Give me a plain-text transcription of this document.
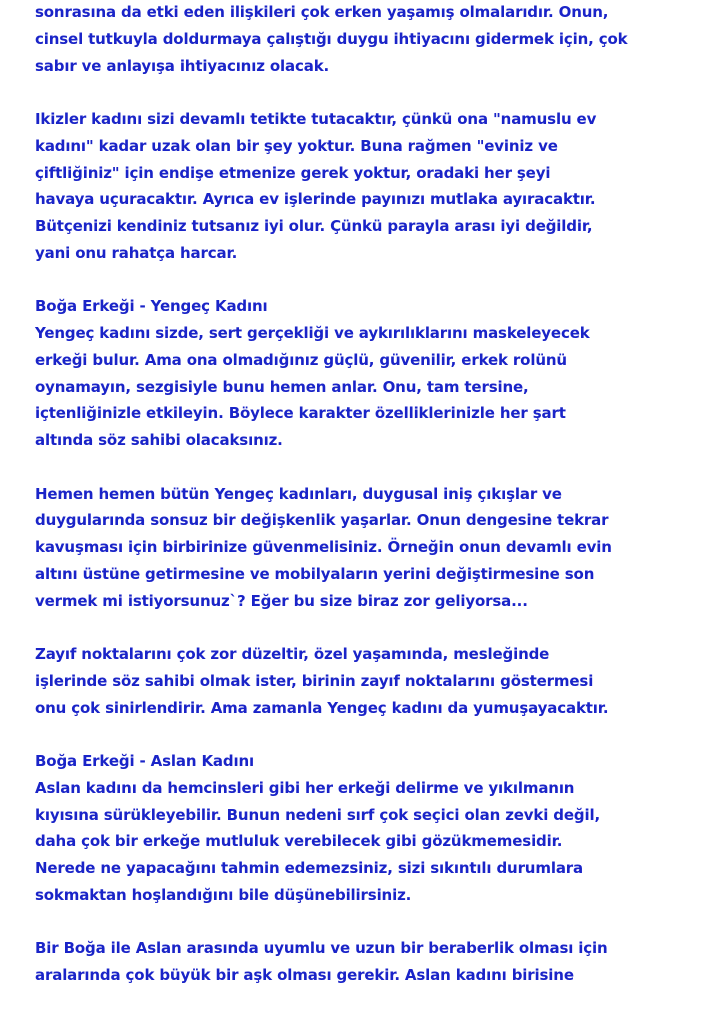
sonrasına da etki eden ilişkileri çok erken yaşamış olmalarıdır. Onun,

cinsel tutkuyla doldurmaya çalıştığı duygu ihtiyacını gidermek için, çok

sabır ve anlayışa ihtiyacınız olacak.

Ikizler kadını sizi devamlı tetikte tutacaktır, çünkü ona "namuslu ev

kadını" kadar uzak olan bir şey yoktur. Buna rağmen "eviniz ve

çiftliğiniz" için endişe etmenize gerek yoktur, oradaki her şeyi

havaya uçuracaktır. Ayrıca ev işlerinde payınızı mutlaka ayıracaktır.

Bütçenizi kendiniz tutsanız iyi olur. Çünkü parayla arası iyi değildir,

yani onu rahatça harcar.

Boğa Erkeği - Yengeç Kadını

Yengeç kadını sizde, sert gerçekliği ve aykırılıklarını maskeleyecek

erkeği bulur. Ama ona olmadığınız güçlü, güvenilir, erkek rolünü

oynamayın, sezgisiyle bunu hemen anlar. Onu, tam tersine,

içtenliğinizle etkileyin. Böylece karakter özelliklerinizle her şart

altında söz sahibi olacaksınız.

Hemen hemen bütün Yengeç kadınları, duygusal iniş çıkışlar ve

duygularında sonsuz bir değişkenlik yaşarlar. Onun dengesine tekrar

kavuşması için birbirinize güvenmelisiniz. Örneğin onun devamlı evin

altını üstüne getirmesine ve mobilyaların yerini değiştirmesine son

vermek mi istiyorsunuz`? Eğer bu size biraz zor geliyorsa...

Zayıf noktalarını çok zor düzeltir, özel yaşamında, mesleğinde

işlerinde söz sahibi olmak ister, birinin zayıf noktalarını göstermesi

onu çok sinirlendirir. Ama zamanla Yengeç kadını da yumuşayacaktır.

Boğa Erkeği - Aslan Kadını

Aslan kadını da hemcinsleri gibi her erkeği delirme ve yıkılmanın

kıyısına sürükleyebilir. Bunun nedeni sırf çok seçici olan zevki değil,

daha çok bir erkeğe mutluluk verebilecek gibi gözükmemesidir.

Nerede ne yapacağını tahmin edemezsiniz, sizi sıkıntılı durumlara

sokmaktan hoşlandığını bile düşünebilirsiniz.

Bir Boğa ile Aslan arasında uyumlu ve uzun bir beraberlik olması için

aralarında çok büyük bir aşk olması gerekir. Aslan kadını birisine
